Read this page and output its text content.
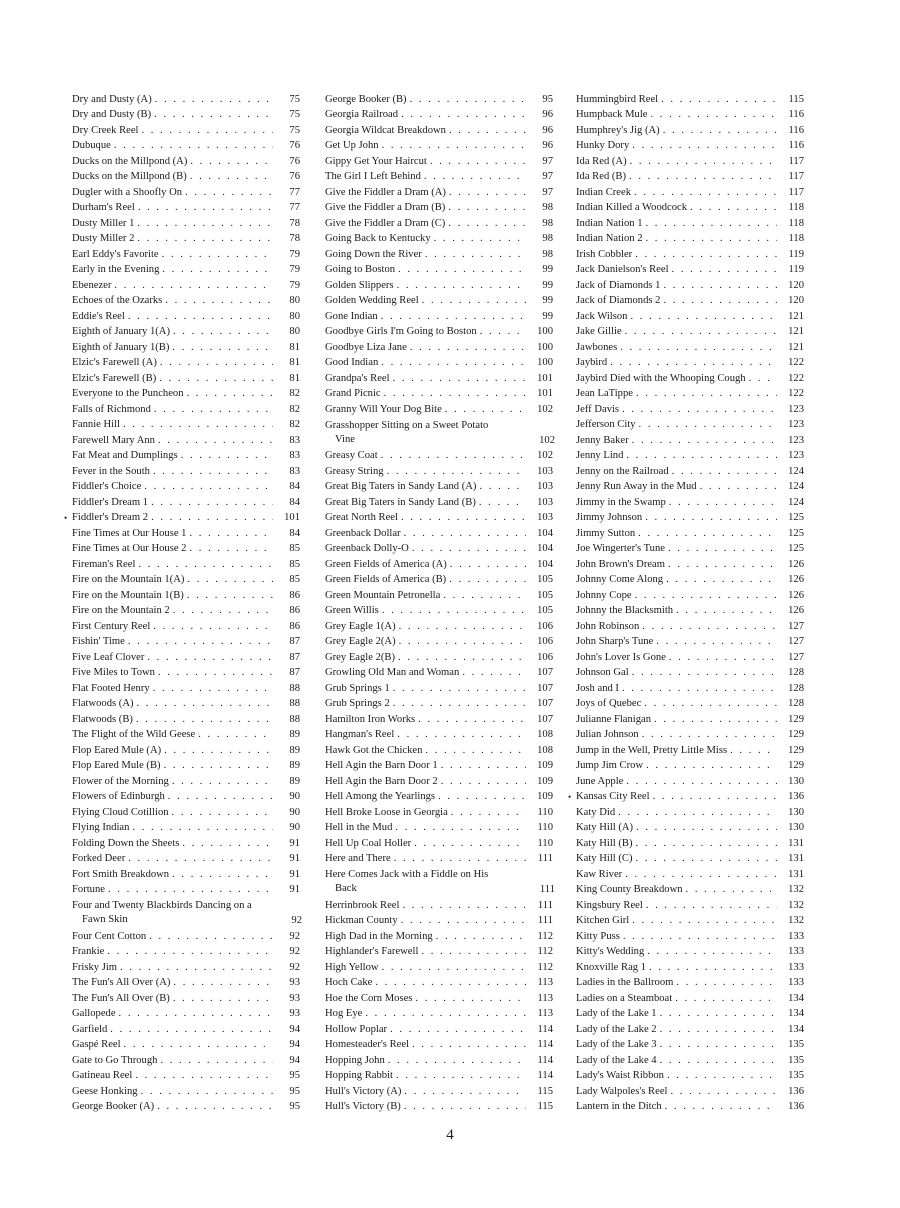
Dry and Dusty (A) . . .	75
Dry and Dusty (B) . . .	75
Dry Creek Reel . . .	75
Dubuque . . .	76
Ducks on the Millpond (A) . . .	76
Ducks on the Millpond (B) . . .	76
Dugler with a Shoofly On . . .	77
Durham's Reel . . .	77
Dusty Miller 1 . . .	78
Dusty Miller 2 . . .	78
Earl Eddy's Favorite . . .	79
Early in the Evening . . .	79
Ebenezer . . .	79
Echoes of the Ozarks . . .	80
Eddie's Reel . . .	80
Eighth of January 1(A) . . .	80
Eighth of January 1(B) . . .	81
Elzic's Farewell (A) . . .	81
Elzic's Farewell (B) . . .	81
Everyone to the Puncheon . . .	82
Falls of Richmond . . .	82
Fannie Hill . . .	82
Farewell Mary Ann . . .	83
Fat Meat and Dumplings . . .	83
Fever in the South . . .	83
Fiddler's Choice . . .	84
Fiddler's Dream 1 . . .	84
• Fiddler's Dream 2 . . .	101
Fine Times at Our House 1 . . .	84
Fine Times at Our House 2 . . .	85
Fireman's Reel . . .	85
Fire on the Mountain 1(A) . . .	85
Fire on the Mountain 1(B) . . .	86
Fire on the Mountain 2 . . .	86
First Century Reel . . .	86
Fishin' Time . . .	87
Five Leaf Clover . . .	87
Five Miles to Town . . .	87
Flat Footed Henry . . .	88
Flatwoods (A) . . .	88
Flatwoods (B) . . .	88
The Flight of the Wild Geese . . .	89
Flop Eared Mule (A) . . .	89
Flop Eared Mule (B) . . .	89
Flower of the Morning . . .	89
Flowers of Edinburgh . . .	90
Flying Cloud Cotillion . . .	90
Flying Indian . . .	90
Folding Down the Sheets . . .	91
Forked Deer . . .	91
Fort Smith Breakdown . . .	91
Fortune . . .	91
Four and Twenty Blackbirds Dancing on a
Fawn Skin	92
Four Cent Cotton . . .	92
Frankie . . .	92
Frisky Jim . . .	92
The Fun's All Over (A) . . .	93
The Fun's All Over (B) . . .	93
Gallopede . . .	93
Garfield . . .	94
Gaspé Reel . . .	94
Gate to Go Through . . .	94
Gatineau Reel . . .	95
Geese Honking . . .	95
George Booker (A) . . .	95
George Booker (B) . . .	95
Georgia Railroad . . .	96
Georgia Wildcat Breakdown . . .	96
Get Up John . . .	96
Gippy Get Your Haircut . . .	97
The Girl I Left Behind . . .	97
Give the Fiddler a Dram (A) . . .	97
Give the Fiddler a Dram (B) . . .	98
Give the Fiddler a Dram (C) . . .	98
Going Back to Kentucky . . .	98
Going Down the River . . .	98
Going to Boston . . .	99
Golden Slippers . . .	99
Golden Wedding Reel . . .	99
Gone Indian . . .	99
Goodbye Girls I'm Going to Boston . . .	100
Goodbye Liza Jane . . .	100
Good Indian . . .	100
Grandpa's Reel . . .	101
Grand Picnic . . .	101
Granny Will Your Dog Bite . . .	102
Grasshopper Sitting on a Sweet Potato
Vine	102
Greasy Coat . . .	102
Greasy String . . .	103
Great Big Taters in Sandy Land (A) . . .	103
Great Big Taters in Sandy Land (B) . . .	103
Great North Reel . . .	103
Greenback Dollar . . .	104
Greenback Dolly-O . . .	104
Green Fields of America (A) . . .	104
Green Fields of America (B) . . .	105
Green Mountain Petronella . . .	105
Green Willis . . .	105
Grey Eagle 1(A) . . .	106
Grey Eagle 2(A) . . .	106
Grey Eagle 2(B) . . .	106
Growling Old Man and Woman . . .	107
Grub Springs 1 . . .	107
Grub Springs 2 . . .	107
Hamilton Iron Works . . .	107
Hangman's Reel . . .	108
Hawk Got the Chicken . . .	108
Hell Agin the Barn Door 1 . . .	109
Hell Agin the Barn Door 2 . . .	109
Hell Among the Yearlings . . .	109
Hell Broke Loose in Georgia . . .	110
Hell in the Mud . . .	110
Hell Up Coal Holler . . .	110
Here and There . . .	111
Here Comes Jack with a Fiddle on His
Back	111
Herrinbrook Reel . . .	111
Hickman County . . .	111
High Dad in the Morning . . .	112
Highlander's Farewell . . .	112
High Yellow . . .	112
Hoch Cake . . .	113
Hoe the Corn Moses . . .	113
Hog Eye . . .	113
Hollow Poplar . . .	114
Homesteader's Reel . . .	114
Hopping John . . .	114
Hopping Rabbit . . .	114
Hull's Victory (A) . . .	115
Hull's Victory (B) . . .	115
Hummingbird Reel . . .	115
Humpback Mule . . .	116
Humphrey's Jig (A) . . .	116
Hunky Dory . . .	116
Ida Red (A) . . .	117
Ida Red (B) . . .	117
Indian Creek . . .	117
Indian Killed a Woodcock . . .	118
Indian Nation 1 . . .	118
Indian Nation 2 . . .	118
Irish Cobbler . . .	119
Jack Danielson's Reel . . .	119
Jack of Diamonds 1 . . .	120
Jack of Diamonds 2 . . .	120
Jack Wilson . . .	121
Jake Gillie . . .	121
Jawbones . . .	121
Jaybird . . .	122
Jaybird Died with the Whooping Cough . . .	122
Jean LaTippe . . .	122
Jeff Davis . . .	123
Jefferson City . . .	123
Jenny Baker . . .	123
Jenny Lind . . .	123
Jenny on the Railroad . . .	124
Jenny Run Away in the Mud . . .	124
Jimmy in the Swamp . . .	124
Jimmy Johnson . . .	125
Jimmy Sutton . . .	125
Joe Wingerter's Tune . . .	125
John Brown's Dream . . .	126
Johnny Come Along . . .	126
Johnny Cope . . .	126
Johnny the Blacksmith . . .	126
John Robinson . . .	127
John Sharp's Tune . . .	127
John's Lover Is Gone . . .	127
Johnson Gal . . .	128
Josh and I . . .	128
Joys of Quebec . . .	128
Julianne Flanigan . . .	129
Julian Johnson . . .	129
Jump in the Well, Pretty Little Miss . . .	129
Jump Jim Crow . . .	129
June Apple . . .	130
• Kansas City Reel . . .	136
Katy Did . . .	130
Katy Hill (A) . . .	130
Katy Hill (B) . . .	131
Katy Hill (C) . . .	131
Kaw River . . .	131
King County Breakdown . . .	132
Kingsbury Reel . . .	132
Kitchen Girl . . .	132
Kitty Puss . . .	133
Kitty's Wedding . . .	133
Knoxville Rag 1 . . .	133
Ladies in the Ballroom . . .	133
Ladies on a Steamboat . . .	134
Lady of the Lake 1 . . .	134
Lady of the Lake 2 . . .	134
Lady of the Lake 3 . . .	135
Lady of the Lake 4 . . .	135
Lady's Waist Ribbon . . .	135
Lady Walpoles's Reel . . .	136
Lantern in the Ditch . . .	136
4
